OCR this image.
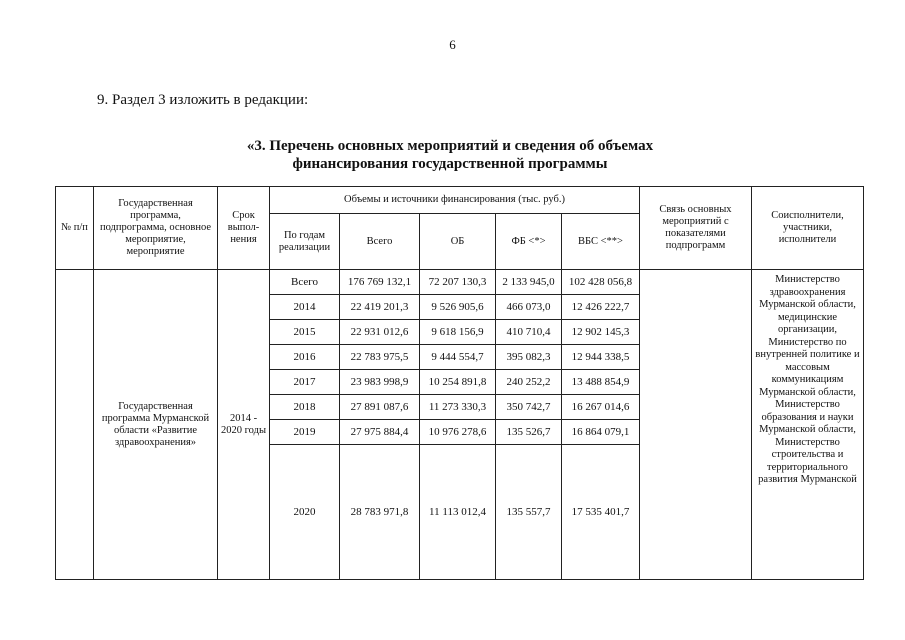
6
9. Раздел 3 изложить в редакции:
«3. Перечень основных мероприятий и сведения об объемах
финансирования государственной программы
№ п/п	Государственная программа, подпрограмма, основное мероприятие, мероприятие	Срок выпол-нения	Объемы и источники финансирования (тыс. руб.)					Связь основных мероприятий с показателями подпрограмм	Соисполнители, участники, исполнители
			По годам реализации	Всего	ОБ	ФБ <*>	ВБС <**>		
	Государственная программа Мурманской области «Развитие здравоохранения»	2014 - 2020 годы	Всего	176 769 132,1	72 207 130,3	2 133 945,0	102 428 056,8		Министерство здравоохранения Мурманской области, медицинские организации, Министерство по внутренней политике и массовым коммуникациям Мурманской области, Министерство образования и науки Мурманской области, Министерство строительства и территориального развития Мурманской
			2014	22 419 201,3	9 526 905,6	466 073,0	12 426 222,7		
			2015	22 931 012,6	9 618 156,9	410 710,4	12 902 145,3		
			2016	22 783 975,5	9 444 554,7	395 082,3	12 944 338,5		
			2017	23 983 998,9	10 254 891,8	240 252,2	13 488 854,9		
			2018	27 891 087,6	11 273 330,3	350 742,7	16 267 014,6		
			2019	27 975 884,4	10 976 278,6	135 526,7	16 864 079,1		
			2020	28 783 971,8	11 113 012,4	135 557,7	17 535 401,7		
